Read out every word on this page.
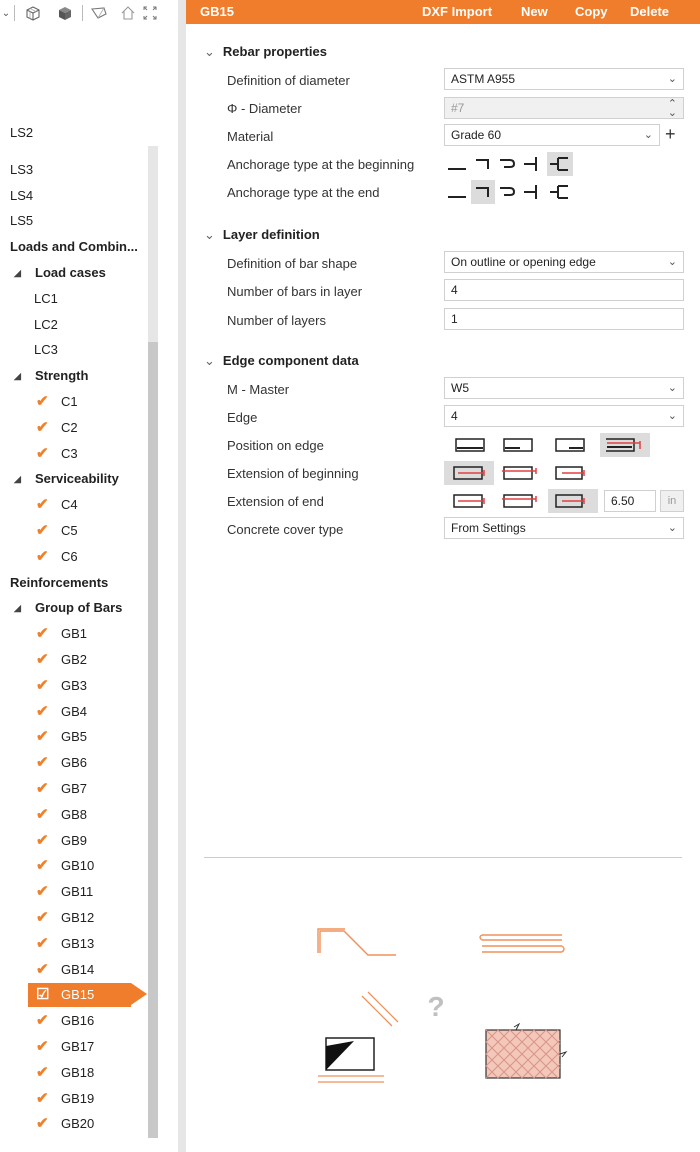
⌄
LS2
LS3
LS4
LS5
Loads and Combin...
◢ Load cases
LC1
LC2
LC3
◢ Strength
✔ C1
✔ C2
✔ C3
◢ Serviceability
✔ C4
✔ C5
✔ C6
Reinforcements
◢ Group of Bars
✔ GB1
✔ GB2
✔ GB3
✔ GB4
✔ GB5
✔ GB6
✔ GB7
✔ GB8
✔ GB9
✔ GB10
✔ GB11
✔ GB12
✔ GB13
✔ GB14
☑ GB15
✔ GB16
✔ GB17
✔ GB18
✔ GB19
✔ GB20
GB15	DXF Import New Copy Delete
⌄ Rebar properties
Definition of diameter	ASTM A955	⌄
Φ - Diameter	#7	⌃
⌄
Material	Grade 60	⌄ +
Anchorage type at the beginning
Anchorage type at the end
⌄ Layer definition
Definition of bar shape	On outline or opening edge	⌄
Number of bars in layer	4
Number of layers	1
⌄ Edge component data
M - Master	W5	⌄
Edge	4	⌄
Position on edge
Extension of beginning
Extension of end	6.50	in
Concrete cover type	From Settings	⌄
?
